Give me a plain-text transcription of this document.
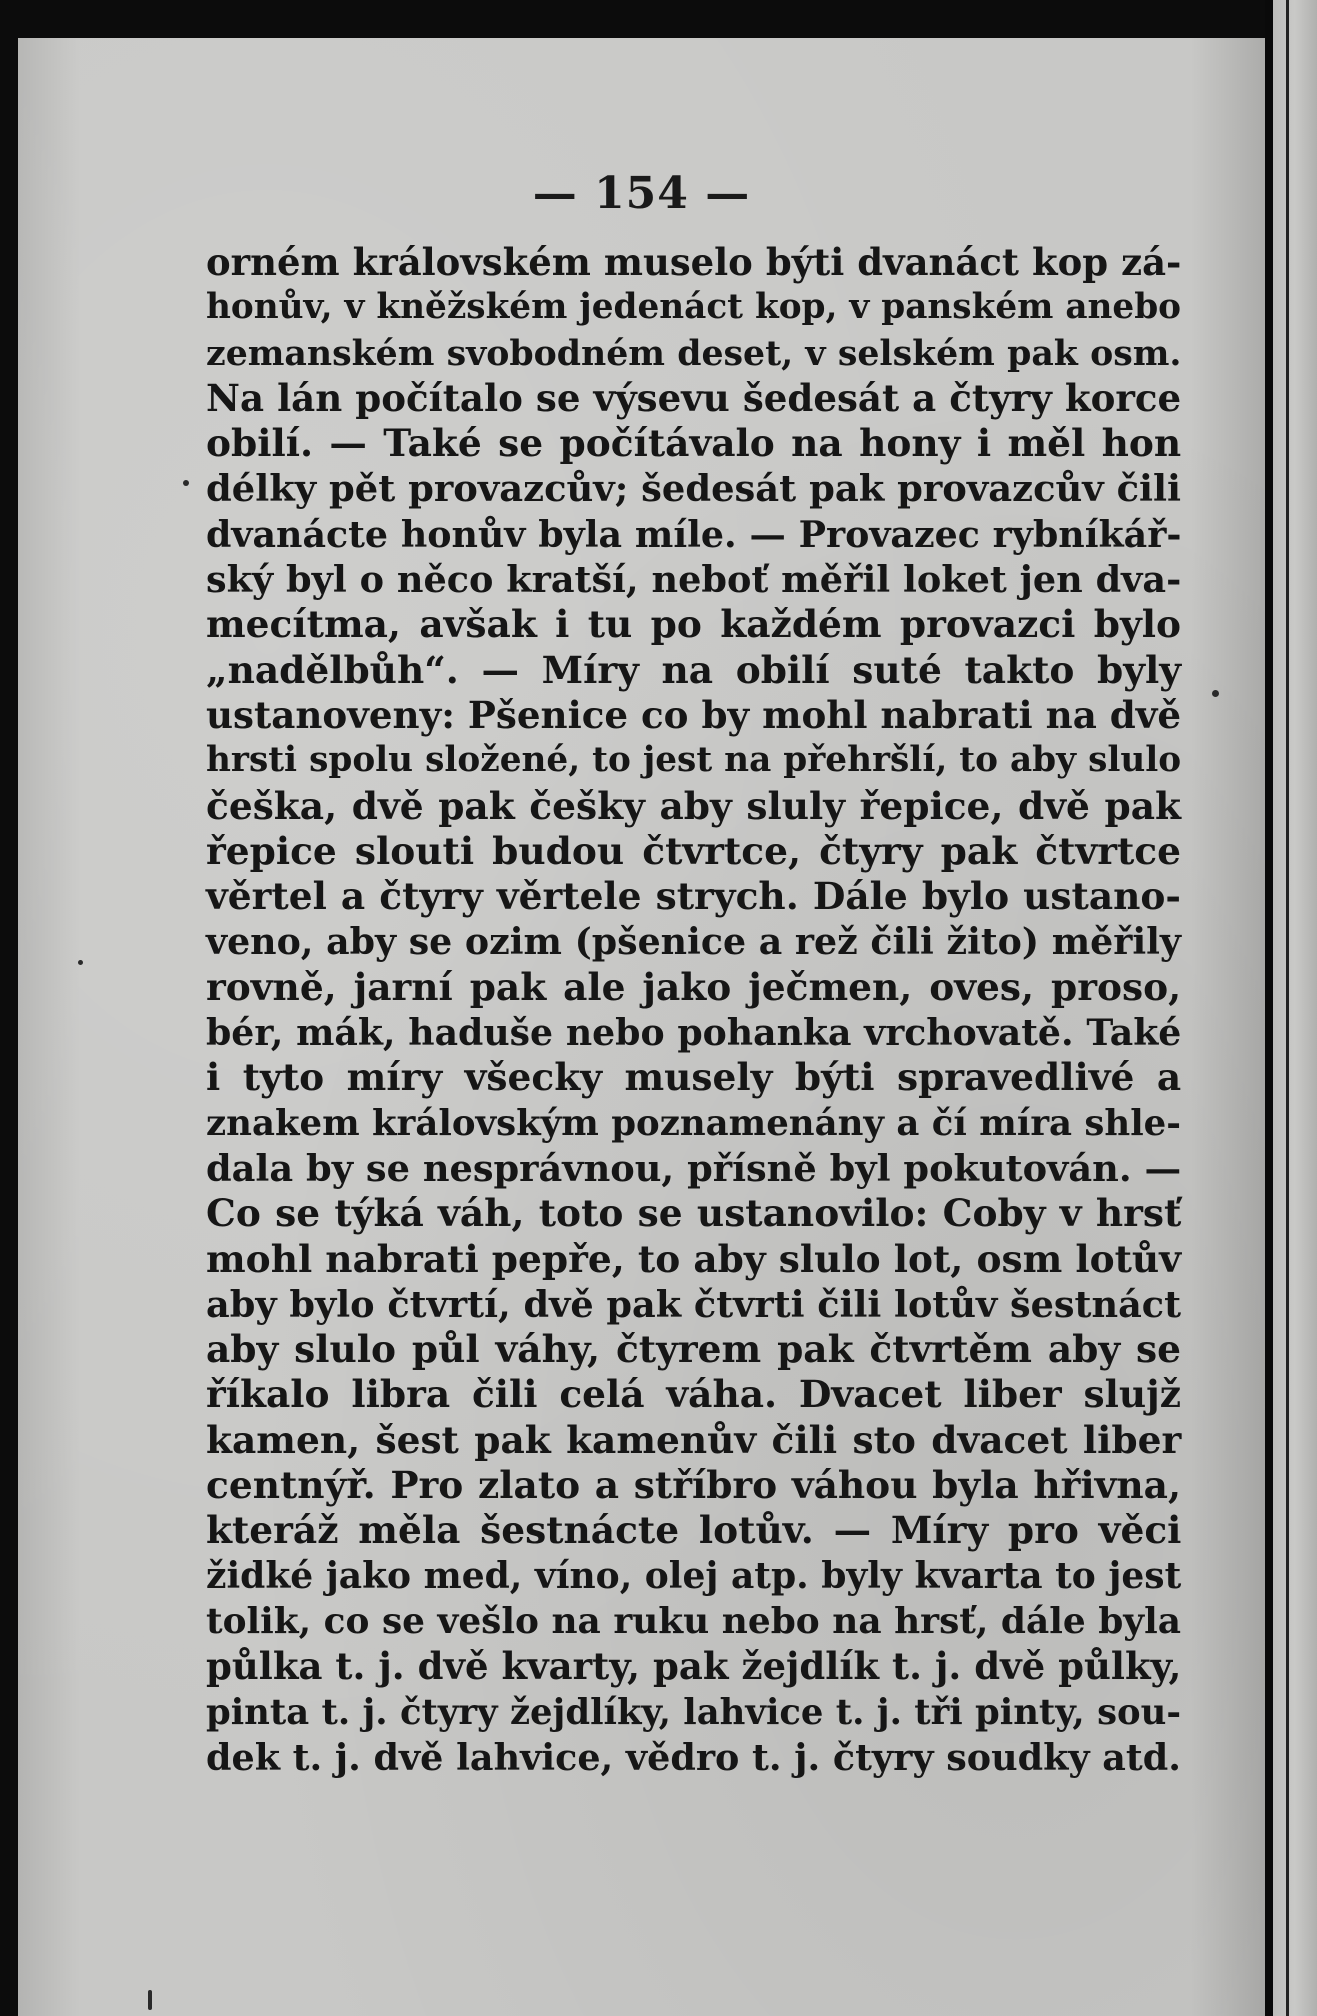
— 154 —

orném královském muselo býti dvanáct kop zá-
honův, v kněžském jedenáct kop, v panském anebo
zemanském svobodném deset, v selském pak osm.
Na lán počítalo se výsevu šedesát a čtyry korce
obilí. — Také se počítávalo na hony i měl hon
délky pět provazcův; šedesát pak provazcův čili
dvanácte honův byla míle. — Provazec rybníkář-
ský byl o něco kratší, neboť měřil loket jen dva-
mecítma, avšak i tu po každém provazci bylo
„nadělbůh“. — Míry na obilí suté takto byly
ustanoveny: Pšenice co by mohl nabrati na dvě
hrsti spolu složené, to jest na přehršlí, to aby slulo
češka, dvě pak češky aby sluly řepice, dvě pak
řepice slouti budou čtvrtce, čtyry pak čtvrtce
věrtel a čtyry věrtele strych. Dále bylo ustano-
veno, aby se ozim (pšenice a rež čili žito) měřily
rovně, jarní pak ale jako ječmen, oves, proso,
bér, mák, haduše nebo pohanka vrchovatě. Také
i tyto míry všecky musely býti spravedlivé a
znakem královským poznamenány a čí míra shle-
dala by se nesprávnou, přísně byl pokutován. —
Co se týká váh, toto se ustanovilo: Coby v hrsť
mohl nabrati pepře, to aby slulo lot, osm lotův
aby bylo čtvrtí, dvě pak čtvrti čili lotův šestnáct
aby slulo půl váhy, čtyrem pak čtvrtěm aby se
říkalo libra čili celá váha. Dvacet liber slujž
kamen, šest pak kamenův čili sto dvacet liber
centnýř. Pro zlato a stříbro váhou byla hřivna,
kteráž měla šestnácte lotův. — Míry pro věci
židké jako med, víno, olej atp. byly kvarta to jest
tolik, co se vešlo na ruku nebo na hrsť, dále byla
půlka t. j. dvě kvarty, pak žejdlík t. j. dvě půlky,
pinta t. j. čtyry žejdlíky, lahvice t. j. tři pinty, sou-
dek t. j. dvě lahvice, vědro t. j. čtyry soudky atd.
